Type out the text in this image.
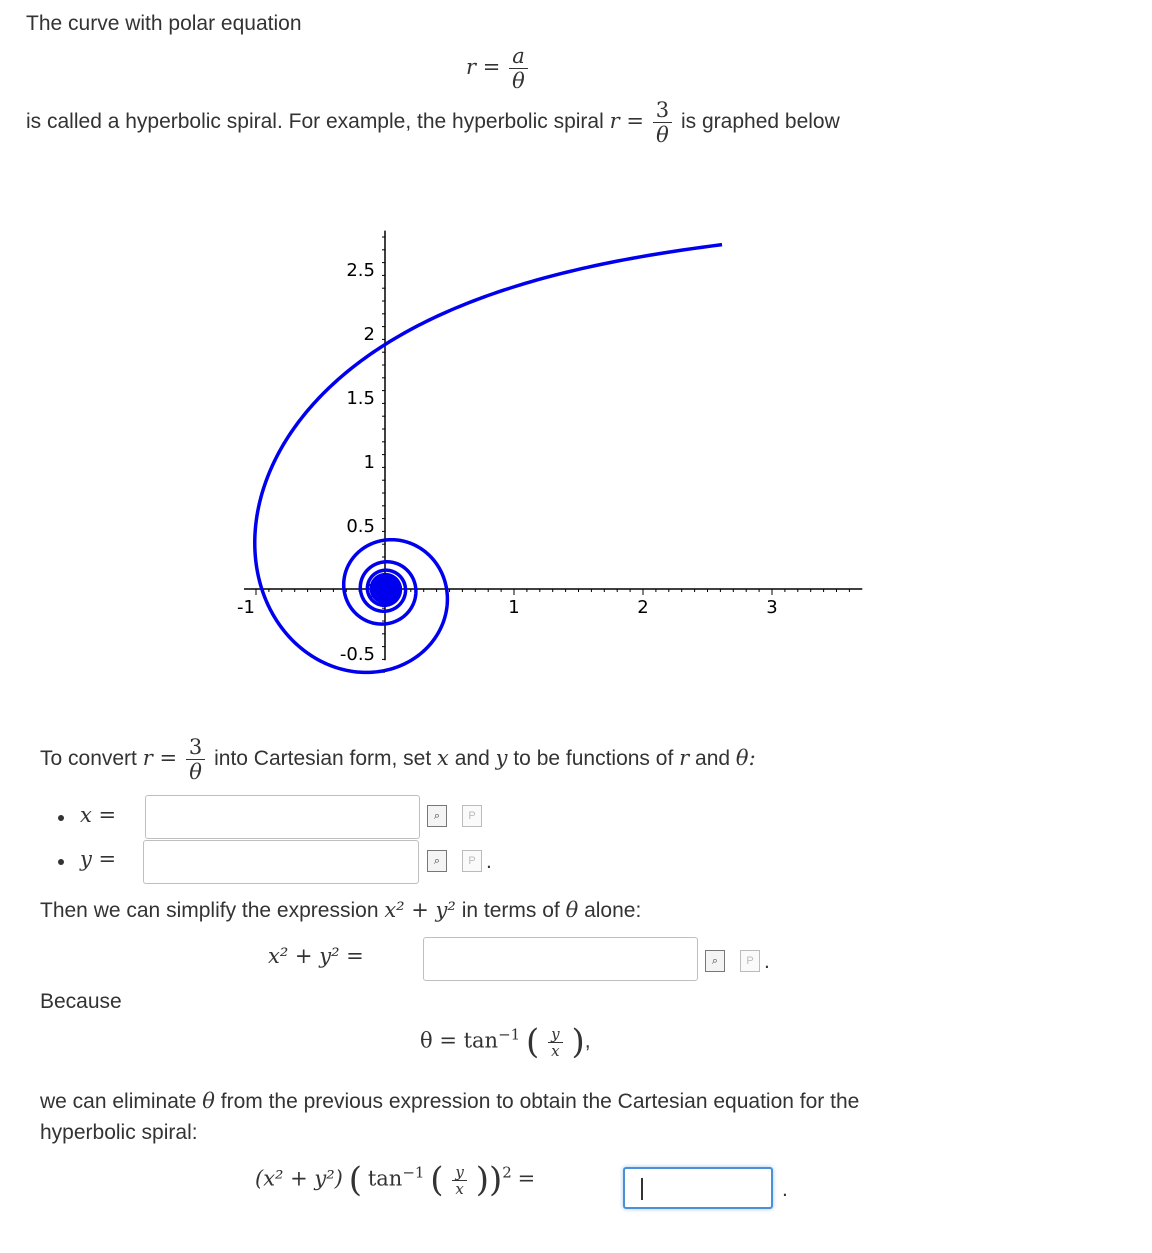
The curve with polar equation
$r = \frac{a}{\theta}$
is called a hyperbolic spiral. For example, the hyperbolic spiral $r = \frac{3}{\theta}$ is graphed below
-1	1	2	3
2.5
2
1.5
1
0.5
-0.5
0
To convert $r = \frac{3}{\theta}$ into Cartesian form, set x and y to be functions of r and θ:
x =	⌕	P
y =	⌕	P .
Then we can simplify the expression x² + y² in terms of θ alone:
x² + y² =	⌕	P .
Because
$\theta = \tan^{-1}$ ( $\frac{y}{x}$ ),
we can eliminate θ from the previous expression to obtain the Cartesian equation for the
hyperbolic spiral:
(x² + y²) ( $\tan^{-1}$ ( $\frac{y}{x} ))^2$ =	.
